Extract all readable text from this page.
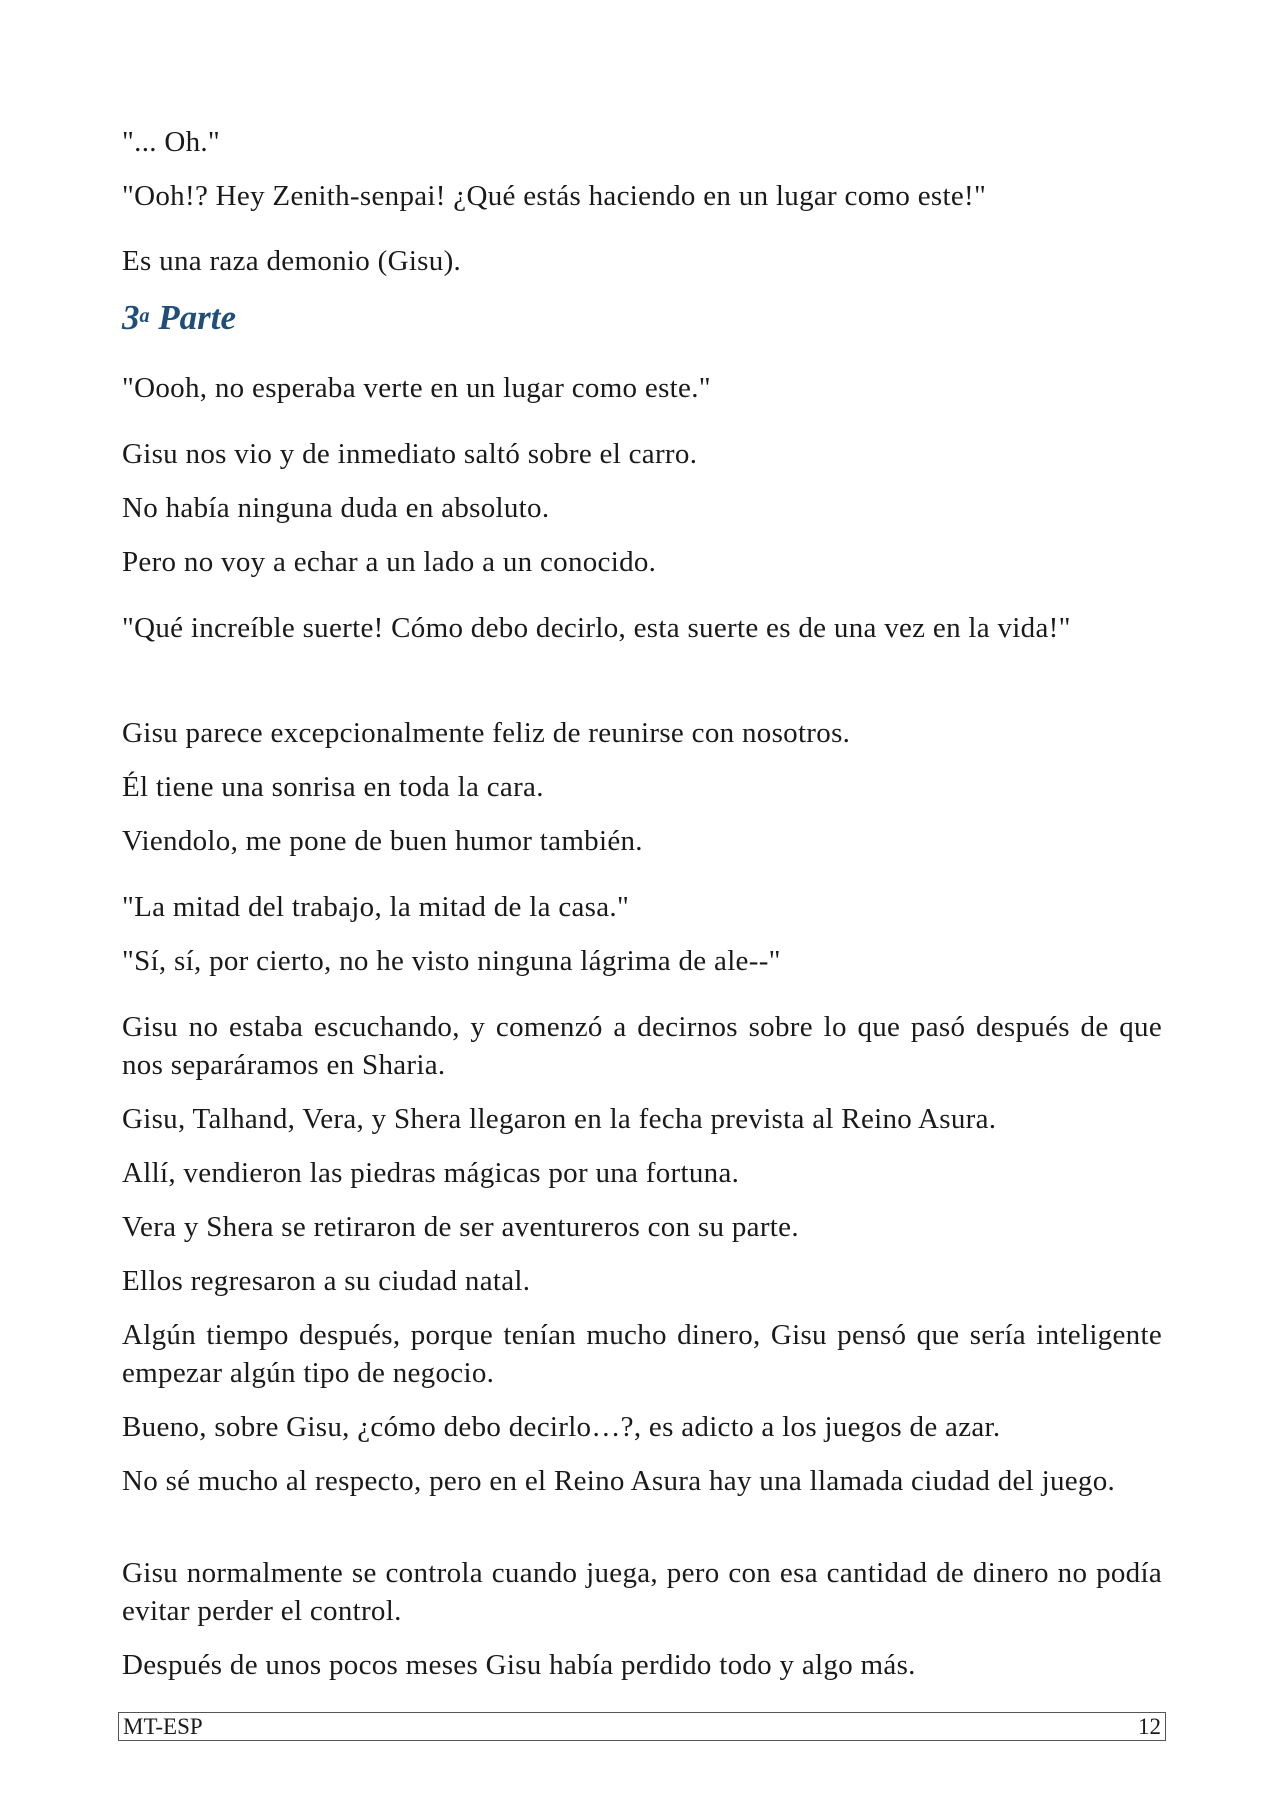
"... Oh."

"Ooh!? Hey Zenith-senpai! ¿Qué estás haciendo en un lugar como este!"

Es una raza demonio (Gisu).

3$^a$ Parte

"Oooh, no esperaba verte en un lugar como este."

Gisu nos vio y de inmediato saltó sobre el carro.

No había ninguna duda en absoluto.

Pero no voy a echar a un lado a un conocido.

"Qué increíble suerte! Cómo debo decirlo, esta suerte es de una vez en la vida!"

Gisu parece excepcionalmente feliz de reunirse con nosotros.

Él tiene una sonrisa en toda la cara.

Viendolo, me pone de buen humor también.

"La mitad del trabajo, la mitad de la casa."

"Sí, sí, por cierto, no he visto ninguna lágrima de ale--"

Gisu no estaba escuchando, y comenzó a decirnos sobre lo que pasó después de que nos separáramos en Sharia.

Gisu, Talhand, Vera, y Shera llegaron en la fecha prevista al Reino Asura.

Allí, vendieron las piedras mágicas por una fortuna.

Vera y Shera se retiraron de ser aventureros con su parte.

Ellos regresaron a su ciudad natal.

Algún tiempo después, porque tenían mucho dinero, Gisu pensó que sería inteligente empezar algún tipo de negocio.

Bueno, sobre Gisu, ¿cómo debo decirlo…?, es adicto a los juegos de azar.

No sé mucho al respecto, pero en el Reino Asura hay una llamada ciudad del juego.

Gisu normalmente se controla cuando juega, pero con esa cantidad de dinero no podía evitar perder el control.

Después de unos pocos meses Gisu había perdido todo y algo más.

MT-ESP	12
